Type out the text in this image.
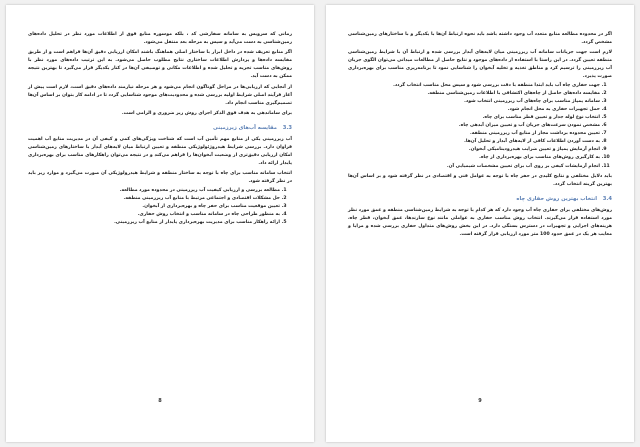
زمانی که سرویس به سامانه سفارشی کد ، بلکه موسوره منابع فوق از اطلاعات مورد نظر در تحلیل داده‌های زمین‌شناسی به دست می‌آید و سپس به مرحله بعد منتقل می‌شود.

اگر منابع تعریف شده در داخل ابزار با ساختار اصلی هماهنگ باشند امکان ارزیابی دقیق آن‌ها فراهم است و از طریق مقایسه داده‌ها و پردازش اطلاعات ساختاری نتایج مطلوب حاصل می‌شود. به این ترتیب داده‌های مورد نظر با روش‌های مناسب تجزیه و تحلیل شده و اطلاعات مکانی و توصیفی آن‌ها در کنار یکدیگر قرار می‌گیرد تا بهترین نتیجه ممکن به دست آید.

از آنجایی که ارزیابی‌ها در مراحل گوناگون انجام می‌شود و هر مرحله نیازمند داده‌های دقیق است، لازم است پیش از آغاز فرآیند اصلی شرایط اولیه بررسی شده و محدودیت‌های موجود شناسایی گردد تا در ادامه کار بتوان بر اساس آن‌ها تصمیم‌گیری مناسب انجام داد.

برای ساماندهی به هدف فوق الذکر اجرای روش زیر ضروری و الزامی است.

3.3 مقایسه آب‌های زیرزمینی

آب زیرزمینی یکی از منابع مهم تأمین آب است که شناخت ویژگی‌های کمی و کیفی آن در مدیریت منابع آب اهمیت فراوان دارد. بررسی شرایط هیدروژئولوژیکی منطقه و تعیین ارتباط میان لایه‌های آبدار با ساختارهای زمین‌شناسی امکان ارزیابی دقیق‌تری از وضعیت آبخوان‌ها را فراهم می‌کند و در نتیجه می‌توان راهکارهای مناسب برای بهره‌برداری پایدار ارائه داد.

انتخاب سامانه مناسب برای چاه با توجه به ساختار منطقه و شرایط هیدرولوژیکی آن صورت می‌گیرد و موارد زیر باید در نظر گرفته شود.

1. مطالعه بررسی و ارزیابی کیفیت آب زیرزمینی در محدوده مورد مطالعه.
2. حل مشکلات اقتصادی و اجتماعی مرتبط با منابع آب زیرزمینی منطقه.
3. تعیین موقعیت مناسب برای حفر چاه و بهره‌برداری از آبخوان.
4. به منظور طراحی چاه در سامانه مناسب و انتخاب روش حفاری.
5. ارائه راهکار مناسب برای مدیریت بهره‌برداری پایدار از منابع آب زیرزمینی.
8

اگر در محدوده مطالعه منابع متعدد آب وجود داشته باشد باید نحوه ارتباط آن‌ها با یکدیگر و با ساختارهای زمین‌شناسی مشخص گردد.

لازم است جهت جریانات سامانه آب زیرزمینی میان لایه‌های آبدار بررسی شده و ارتباط آن با شرایط زمین‌شناسی منطقه تعیین گردد. در این راستا با استفاده از داده‌های موجود و نتایج حاصل از مطالعات میدانی می‌توان الگوی جریان آب زیرزمینی را ترسیم کرد و مناطق تغذیه و تخلیه آبخوان را شناسایی نمود تا برنامه‌ریزی مناسب برای بهره‌برداری صورت پذیرد.

1. جهت حفاری چاه آب باید ابتدا منطقه با دقت بررسی شود و سپس محل مناسب انتخاب گردد.
2. مقایسه داده‌های حاصل از چاه‌های اکتشافی با اطلاعات زمین‌شناسی منطقه.
3. سامانه پمپاژ مناسب برای چاه‌های آب زیرزمینی انتخاب شود.
4. حمل تجهیزات حفاری به محل انجام شود.
5. انتخاب نوع لوله جدار و تعیین قطر مناسب برای چاه.
6. مشخص نمودن سرعت‌های جریان آب و تعیین میزان آبدهی چاه.
7. تعیین محدوده برداشت مجاز از منابع آب زیرزمینی منطقه.
8. به دست آوردن اطلاعات کافی از لایه‌های آبدار و تحلیل آن‌ها.
9. انجام آزمایش پمپاژ و تعیین ضرایب هیدرودینامیکی آبخوان.
10. به کارگیری روش‌های مناسب برای بهره‌برداری از چاه.
11. انجام آزمایشات کیفی بر روی آب برای تعیین مشخصات شیمیایی آن.

باید دلایل مختلفی و نتایج کلیدی در حفر چاه با توجه به عوامل فنی و اقتصادی در نظر گرفته شود و بر اساس آن‌ها بهترین گزینه انتخاب گردد.

3.4 انتخاب بهترین روش حفاری چاه

روش‌های مختلفی برای حفاری چاه آب وجود دارد که هر کدام با توجه به شرایط زمین‌شناسی منطقه و عمق مورد نظر مورد استفاده قرار می‌گیرند. انتخاب روش مناسب حفاری به عواملی مانند نوع سازندها، عمق آبخوان، قطر چاه، هزینه‌های اجرایی و تجهیزات در دسترس بستگی دارد. در این بخش روش‌های متداول حفاری بررسی شده و مزایا و معایب هر یک در عمق حدود 100 متر مورد ارزیابی قرار گرفته است.

9
